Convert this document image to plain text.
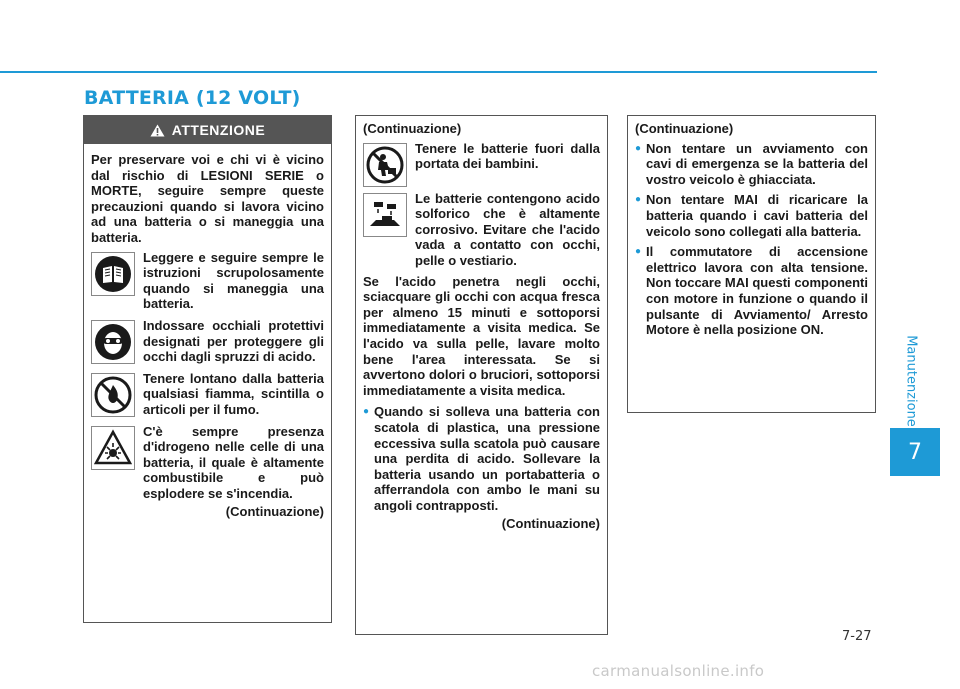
BATTERIA (12 VOLT)
Manutenzione
7
ATTENZIONE
Per preservare voi e chi vi è vicino dal rischio di LESIONI SERIE o MORTE, seguire sempre queste precauzioni quando si lavora vicino ad una batteria o si maneggia una batteria.
Leggere e seguire sempre le istruzioni scrupolosamente quando si maneggia una batteria.
Indossare occhiali protettivi designati per proteggere gli occhi dagli spruzzi di acido.
Tenere lontano dalla batteria qualsiasi fiamma, scintilla o articoli per il fumo.
C'è sempre presenza d'idrogeno nelle celle di una batteria, il quale è altamente combustibile e può esplodere se s'incendia.
(Continuazione)
(Continuazione)
Tenere le batterie fuori dalla portata dei bambini.
Le batterie contengono acido solforico che è altamente corrosivo. Evitare che l'acido vada a contatto con occhi, pelle o vestiario.
Se l'acido penetra negli occhi, sciacquare gli occhi con acqua fresca per almeno 15 minuti e sottoporsi immediatamente a visita medica. Se l'acido va sulla pelle, lavare molto bene l'area interessata. Se si avvertono dolori o bruciori, sottoporsi immediatamente a visita medica.
● Quando si solleva una batteria con scatola di plastica, una pressione eccessiva sulla scatola può causare una perdita di acido. Sollevare la batteria usando un portabatteria o afferrandola con ambo le mani su angoli contrapposti.
(Continuazione)
(Continuazione)
● Non tentare un avviamento con cavi di emergenza se la batteria del vostro veicolo è ghiacciata.
● Non tentare MAI di ricaricare la batteria quando i cavi batteria del veicolo sono collegati alla batteria.
● Il commutatore di accensione elettrico lavora con alta tensione. Non toccare MAI questi componenti con motore in funzione o quando il pulsante di Avviamento/ Arresto Motore è nella posizione ON.
7-27
carmanualsonline.info
